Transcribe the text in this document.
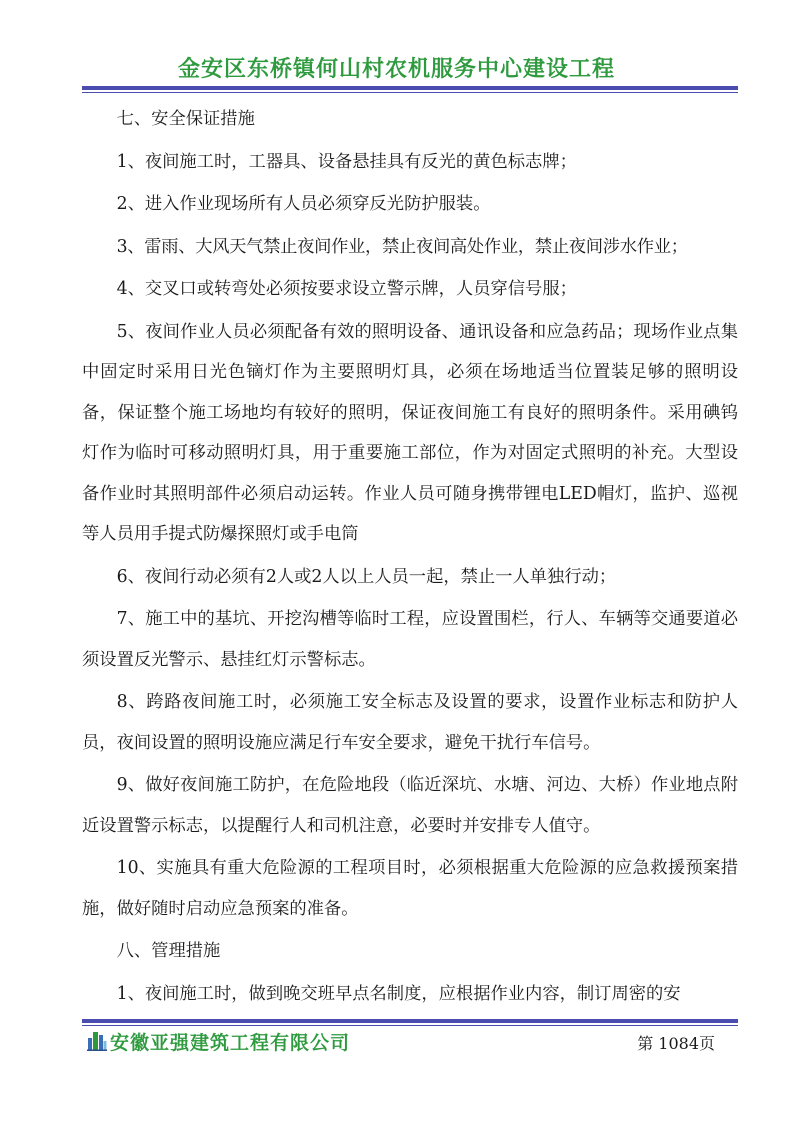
金安区东桥镇何山村农机服务中心建设工程

七、安全保证措施

1、夜间施工时，工器具、设备悬挂具有反光的黄色标志牌；

2、进入作业现场所有人员必须穿反光防护服装。

3、雷雨、大风天气禁止夜间作业，禁止夜间高处作业，禁止夜间涉水作业；

4、交叉口或转弯处必须按要求设立警示牌，人员穿信号服；

5、夜间作业人员必须配备有效的照明设备、通讯设备和应急药品；现场作业点集中固定时采用日光色镝灯作为主要照明灯具，必须在场地适当位置装足够的照明设备，保证整个施工场地均有较好的照明，保证夜间施工有良好的照明条件。采用碘钨灯作为临时可移动照明灯具，用于重要施工部位，作为对固定式照明的补充。大型设备作业时其照明部件必须启动运转。作业人员可随身携带锂电LED帽灯，监护、巡视等人员用手提式防爆探照灯或手电筒

6、夜间行动必须有2人或2人以上人员一起，禁止一人单独行动；

7、施工中的基坑、开挖沟槽等临时工程，应设置围栏，行人、车辆等交通要道必须设置反光警示、悬挂红灯示警标志。

8、跨路夜间施工时，必须施工安全标志及设置的要求，设置作业标志和防护人员，夜间设置的照明设施应满足行车安全要求，避免干扰行车信号。

9、做好夜间施工防护，在危险地段（临近深坑、水塘、河边、大桥）作业地点附近设置警示标志，以提醒行人和司机注意，必要时并安排专人值守。

10、实施具有重大危险源的工程项目时，必须根据重大危险源的应急救援预案措施，做好随时启动应急预案的准备。

八、管理措施

1、夜间施工时，做到晚交班早点名制度，应根据作业内容，制订周密的安

安徽亚强建筑工程有限公司	第 1084页
